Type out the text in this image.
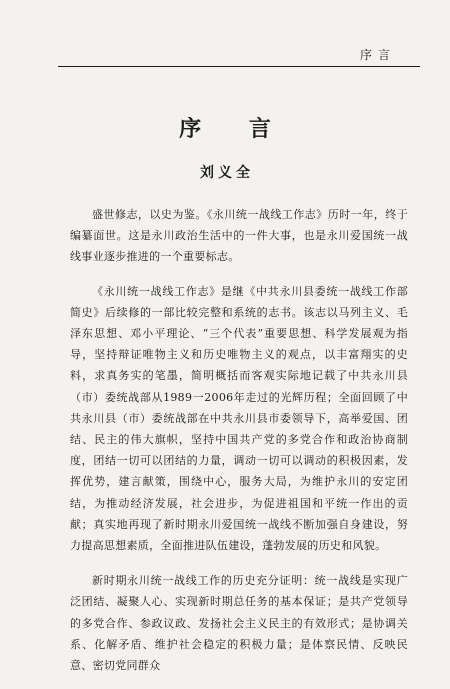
序言
序 言
刘义全

盛世修志，以史为鉴。《永川统一战线工作志》历时一年，终于编纂面世。这是永川政治生活中的一件大事，也是永川爱国统一战线事业逐步推进的一个重要标志。

《永川统一战线工作志》是继《中共永川县委统一战线工作部简史》后续修的一部比较完整和系统的志书。该志以马列主义、毛泽东思想、邓小平理论、“三个代表”重要思想、科学发展观为指导，坚持辩证唯物主义和历史唯物主义的观点，以丰富翔实的史料，求真务实的笔墨，简明概括而客观实际地记载了中共永川县（市）委统战部从1989一2006年走过的光辉历程；全面回顾了中共永川县（市）委统战部在中共永川县市委领导下，高举爱国、团结、民主的伟大旗帜，坚持中国共产党的多党合作和政治协商制度，团结一切可以团结的力量，调动一切可以调动的积极因素，发挥优势，建言献策，围绕中心，服务大局，为维护永川的安定团结，为推动经济发展，社会进步，为促进祖国和平统一作出的贡献；真实地再现了新时期永川爱国统一战线不断加强自身建设，努力提高思想素质，全面推进队伍建设，蓬勃发展的历史和风貌。

新时期永川统一战线工作的历史充分证明：统一战线是实现广泛团结、凝聚人心、实现新时期总任务的基本保证；是共产党领导的多党合作、参政议政、发扬社会主义民主的有效形式；是协调关系、化解矛盾、维护社会稳定的积极力量；是体察民情、反映民意、密切党同群众
